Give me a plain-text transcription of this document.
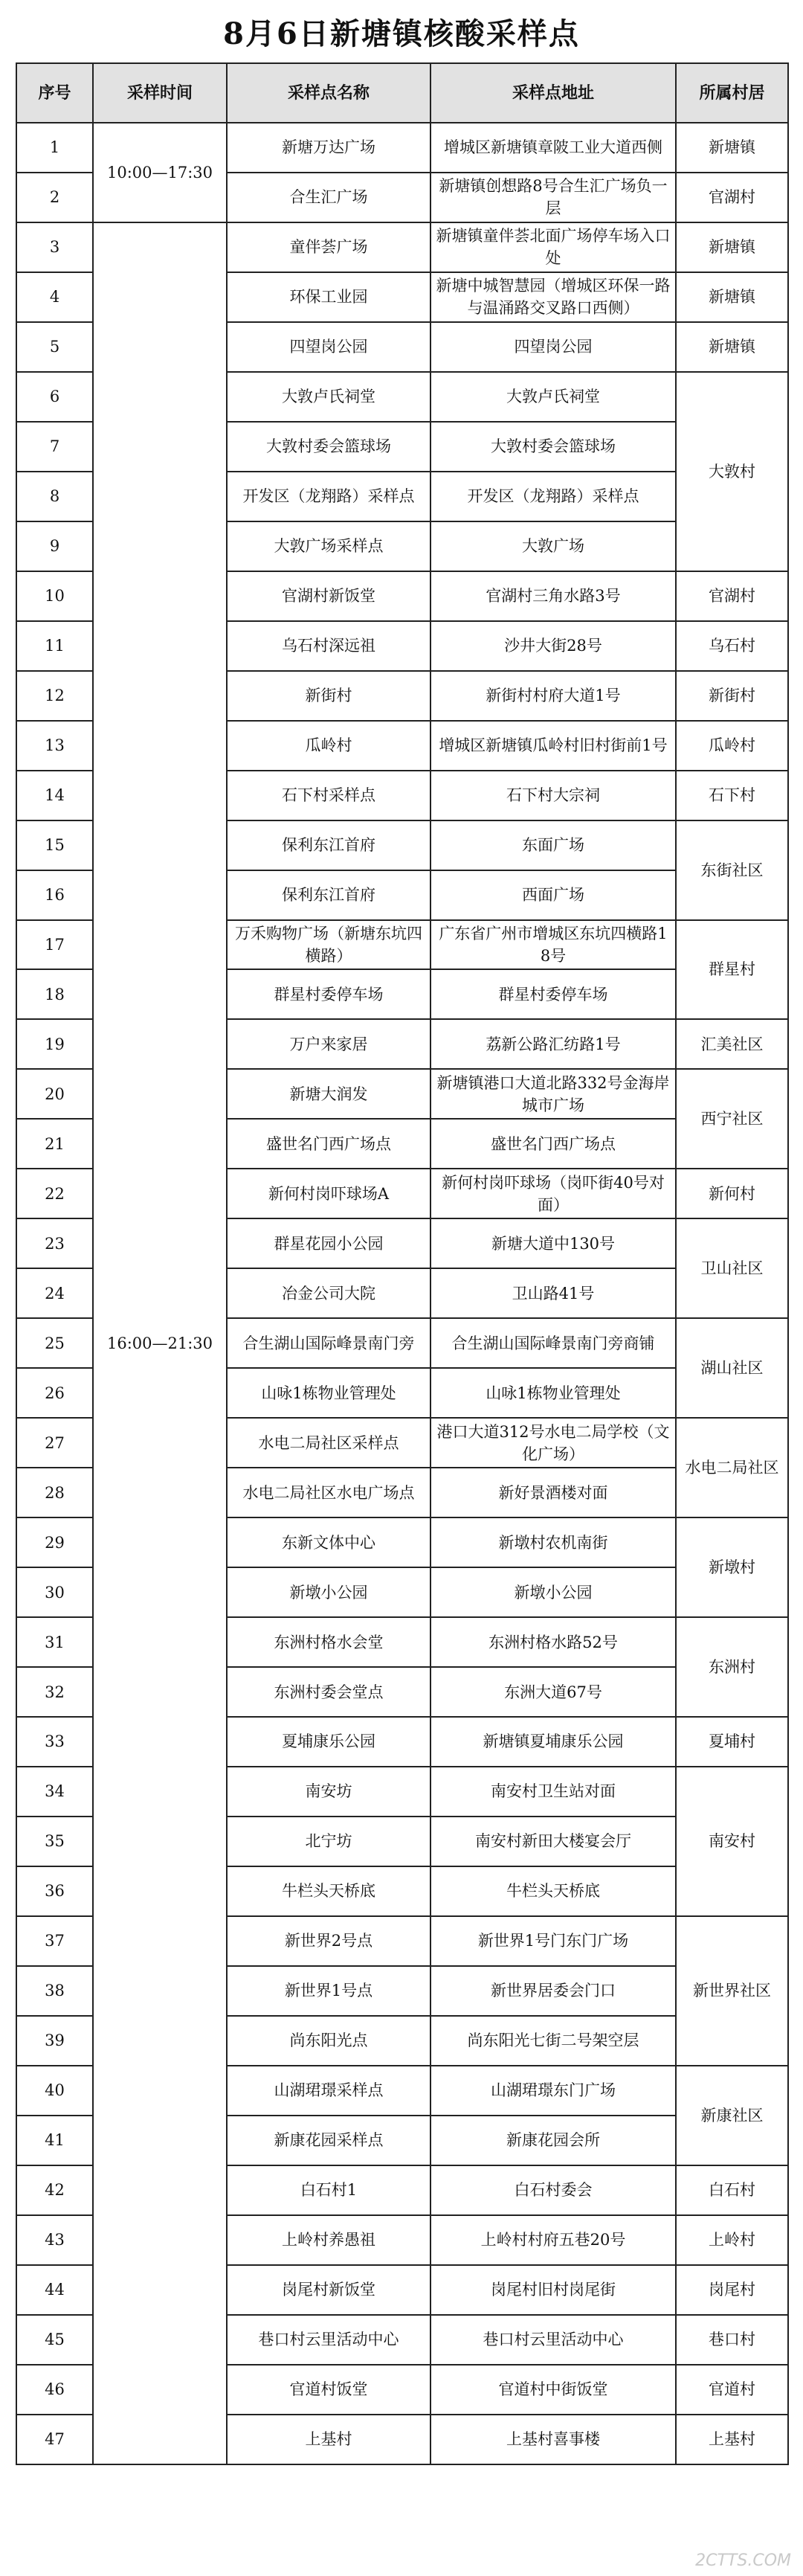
8月6日新塘镇核酸采样点
序号	采样时间	采样点名称	采样点地址	所属村居
1	10:00—17:30	新塘万达广场	增城区新塘镇章陂工业大道西侧	新塘镇
2		合生汇广场	新塘镇创想路8号合生汇广场负一层	官湖村
3	16:00—21:30	童伴荟广场	新塘镇童伴荟北面广场停车场入口处	新塘镇
4		环保工业园	新塘中城智慧园（增城区环保一路与温涌路交叉路口西侧）	新塘镇
5		四望岗公园	四望岗公园	新塘镇
6		大敦卢氏祠堂	大敦卢氏祠堂	大敦村
7		大敦村委会篮球场	大敦村委会篮球场	
8		开发区（龙翔路）采样点	开发区（龙翔路）采样点	
9		大敦广场采样点	大敦广场	
10		官湖村新饭堂	官湖村三角水路3号	官湖村
11		乌石村深远祖	沙井大街28号	乌石村
12		新街村	新街村村府大道1号	新街村
13		瓜岭村	增城区新塘镇瓜岭村旧村街前1号	瓜岭村
14		石下村采样点	石下村大宗祠	石下村
15		保利东江首府	东面广场	东街社区
16		保利东江首府	西面广场	
17		万禾购物广场（新塘东坑四横路）	广东省广州市增城区东坑四横路18号	群星村
18		群星村委停车场	群星村委停车场	
19		万户来家居	荔新公路汇纺路1号	汇美社区
20		新塘大润发	新塘镇港口大道北路332号金海岸城市广场	西宁社区
21		盛世名门西广场点	盛世名门西广场点	
22		新何村岗吓球场A	新何村岗吓球场（岗吓街40号对面）	新何村
23		群星花园小公园	新塘大道中130号	卫山社区
24		冶金公司大院	卫山路41号	
25		合生湖山国际峰景南门旁	合生湖山国际峰景南门旁商铺	湖山社区
26		山咏1栋物业管理处	山咏1栋物业管理处	
27		水电二局社区采样点	港口大道312号水电二局学校（文化广场）	水电二局社区
28		水电二局社区水电广场点	新好景酒楼对面	
29		东新文体中心	新墩村农机南街	新墩村
30		新墩小公园	新墩小公园	
31		东洲村格水会堂	东洲村格水路52号	东洲村
32		东洲村委会堂点	东洲大道67号	
33		夏埔康乐公园	新塘镇夏埔康乐公园	夏埔村
34		南安坊	南安村卫生站对面	南安村
35		北宁坊	南安村新田大楼宴会厅	
36		牛栏头天桥底	牛栏头天桥底	
37		新世界2号点	新世界1号门东门广场	新世界社区
38		新世界1号点	新世界居委会门口	
39		尚东阳光点	尚东阳光七街二号架空层	
40		山湖珺璟采样点	山湖珺璟东门广场	新康社区
41		新康花园采样点	新康花园会所	
42		白石村1	白石村委会	白石村
43		上岭村养愚祖	上岭村村府五巷20号	上岭村
44		岗尾村新饭堂	岗尾村旧村岗尾街	岗尾村
45		巷口村云里活动中心	巷口村云里活动中心	巷口村
46		官道村饭堂	官道村中街饭堂	官道村
47		上基村	上基村喜事楼	上基村
2CTTS.COM
